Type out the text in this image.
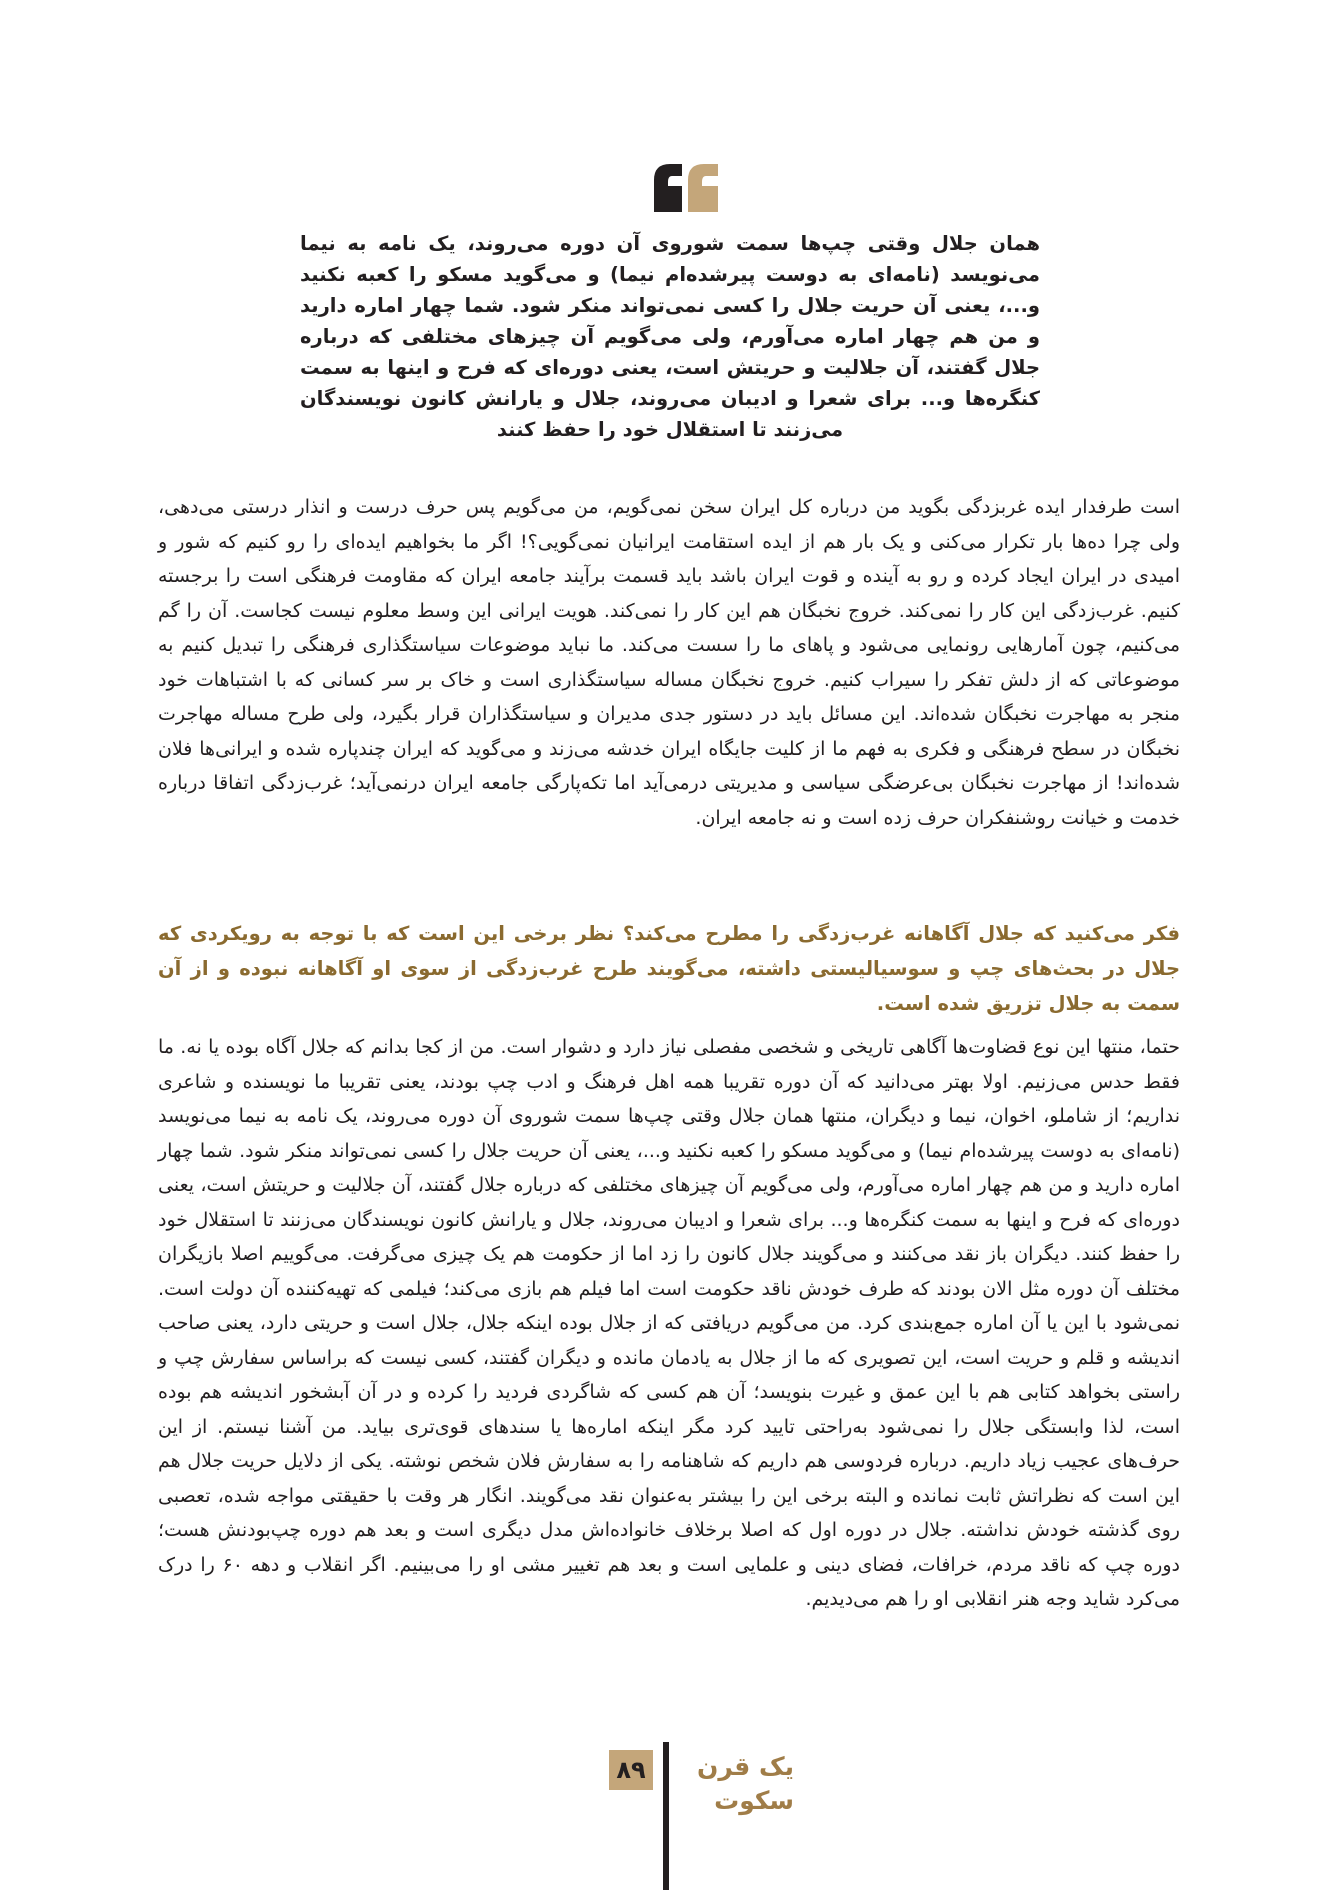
همان جلال وقتی چپ‌ها سمت شوروی آن دوره می‌روند، یک نامه به نیما می‌نویسد (نامه‌ای به دوست پیرشده‌ام نیما) و می‌گوید مسکو را کعبه نکنید و...، یعنی آن حریت جلال را کسی نمی‌تواند منکر شود. شما چهار اماره دارید و من هم چهار اماره می‌آورم، ولی می‌گویم آن چیزهای مختلفی که درباره جلال گفتند، آن جلالیت و حریتش است، یعنی دوره‌ای که فرح و اینها به سمت کنگره‌ها و... برای شعرا و ادیبان می‌روند، جلال و یارانش کانون نویسندگان می‌زنند تا استقلال خود را حفظ کنند

است طرفدار ایده غربزدگی بگوید من درباره کل ایران سخن نمی‌گویم، من می‌گویم پس حرف درست و انذار درستی می‌دهی، ولی چرا ده‌ها بار تکرار می‌کنی و یک بار هم از ایده استقامت ایرانیان نمی‌گویی؟! اگر ما بخواهیم ایده‌ای را رو کنیم که شور و امیدی در ایران ایجاد کرده و رو به آینده و قوت ایران باشد باید قسمت برآیند جامعه ایران که مقاومت فرهنگی است را برجسته کنیم. غرب‌زدگی این کار را نمی‌کند. خروج نخبگان هم این کار را نمی‌کند. هویت ایرانی این وسط معلوم نیست کجاست. آن را گم می‌کنیم، چون آمارهایی رونمایی می‌شود و پاهای ما را سست می‌کند. ما نباید موضوعات سیاستگذاری فرهنگی را تبدیل کنیم به موضوعاتی که از دلش تفکر را سیراب کنیم. خروج نخبگان مساله سیاستگذاری است و خاک بر سر کسانی که با اشتباهات خود منجر به مهاجرت نخبگان شده‌اند. این مسائل باید در دستور جدی مدیران و سیاستگذاران قرار بگیرد، ولی طرح مساله مهاجرت نخبگان در سطح فرهنگی و فکری به فهم ما از کلیت جایگاه ایران خدشه می‌زند و می‌گوید که ایران چندپاره شده و ایرانی‌ها فلان شده‌اند! از مهاجرت نخبگان بی‌عرضگی سیاسی و مدیریتی درمی‌آید اما تکه‌پارگی جامعه ایران درنمی‌آید؛ غرب‌زدگی اتفاقا درباره خدمت و خیانت روشنفکران حرف زده است و نه جامعه ایران.

فکر می‌کنید که جلال آگاهانه غرب‌زدگی را مطرح می‌کند؟ نظر برخی این است که با توجه به رویکردی که جلال در بحث‌های چپ و سوسیالیستی داشته، می‌گویند طرح غرب‌زدگی از سوی او آگاهانه نبوده و از آن سمت به جلال تزریق شده است.

حتما، منتها این نوع قضاوت‌ها آگاهی تاریخی و شخصی مفصلی نیاز دارد و دشوار است. من از کجا بدانم که جلال آگاه بوده یا نه. ما فقط حدس می‌زنیم. اولا بهتر می‌دانید که آن دوره تقریبا همه اهل فرهنگ و ادب چپ بودند، یعنی تقریبا ما نویسنده و شاعری نداریم؛ از شاملو، اخوان، نیما و دیگران، منتها همان جلال وقتی چپ‌ها سمت شوروی آن دوره می‌روند، یک نامه به نیما می‌نویسد (نامه‌ای به دوست پیرشده‌ام نیما) و می‌گوید مسکو را کعبه نکنید و...، یعنی آن حریت جلال را کسی نمی‌تواند منکر شود. شما چهار اماره دارید و من هم چهار اماره می‌آورم، ولی می‌گویم آن چیزهای مختلفی که درباره جلال گفتند، آن جلالیت و حریتش است، یعنی دوره‌ای که فرح و اینها به سمت کنگره‌ها و... برای شعرا و ادیبان می‌روند، جلال و یارانش کانون نویسندگان می‌زنند تا استقلال خود را حفظ کنند. دیگران باز نقد می‌کنند و می‌گویند جلال کانون را زد اما از حکومت هم یک چیزی می‌گرفت. می‌گوییم اصلا بازیگران مختلف آن دوره مثل الان بودند که طرف خودش ناقد حکومت است اما فیلم هم بازی می‌کند؛ فیلمی که تهیه‌کننده آن دولت است. نمی‌شود با این یا آن اماره جمع‌بندی کرد. من می‌گویم دریافتی که از جلال بوده اینکه جلال، جلال است و حریتی دارد، یعنی صاحب اندیشه و قلم و حریت است، این تصویری که ما از جلال به یادمان مانده و دیگران گفتند، کسی نیست که براساس سفارش چپ و راستی بخواهد کتابی هم با این عمق و غیرت بنویسد؛ آن هم کسی که شاگردی فردید را کرده و در آن آبشخور اندیشه هم بوده است، لذا وابستگی جلال را نمی‌شود به‌راحتی تایید کرد مگر اینکه اماره‌ها یا سندهای قوی‌تری بیاید. من آشنا نیستم. از این حرف‌های عجیب زیاد داریم. درباره فردوسی هم داریم که شاهنامه را به سفارش فلان شخص نوشته. یکی از دلایل حریت جلال هم این است که نظراتش ثابت نمانده و البته برخی این را بیشتر به‌عنوان نقد می‌گویند. انگار هر وقت با حقیقتی مواجه شده، تعصبی روی گذشته خودش نداشته. جلال در دوره اول که اصلا برخلاف خانواده‌اش مدل دیگری است و بعد هم دوره چپ‌بودنش هست؛ دوره چپ که ناقد مردم، خرافات، فضای دینی و علمایی است و بعد هم تغییر مشی او را می‌بینیم. اگر انقلاب و دهه ۶۰ را درک می‌کرد شاید وجه هنر انقلابی او را هم می‌دیدیم.

۸۹	یک قرن
سکوت
